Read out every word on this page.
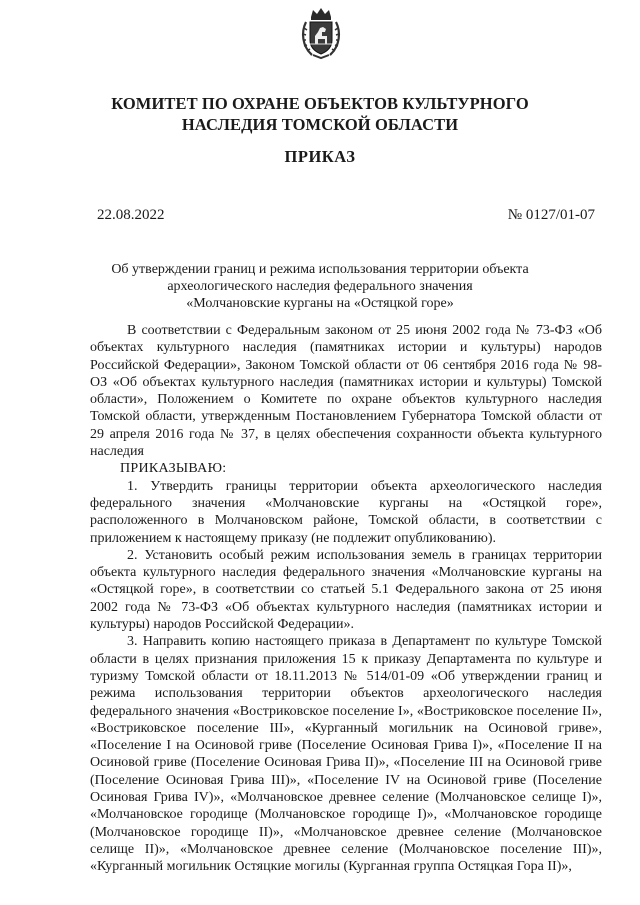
КОМИТЕТ ПО ОХРАНЕ ОБЪЕКТОВ КУЛЬТУРНОГО
НАСЛЕДИЯ ТОМСКОЙ ОБЛАСТИ
ПРИКАЗ
22.08.2022	№ 0127/01-07
Об утверждении границ и режима использования территории объекта
археологического наследия федерального значения
«Молчановские курганы на «Остяцкой горе»

В соответствии с Федеральным законом от 25 июня 2002 года № 73-ФЗ «Об объектах культурного наследия (памятниках истории и культуры) народов Российской Федерации», Законом Томской области от 06 сентября 2016 года № 98-ОЗ «Об объектах культурного наследия (памятниках истории и культуры) Томской области», Положением о Комитете по охране объектов культурного наследия Томской области, утвержденным Постановлением Губернатора Томской области от 29 апреля 2016 года № 37, в целях обеспечения сохранности объекта культурного наследия

ПРИКАЗЫВАЮ:

1. Утвердить границы территории объекта археологического наследия федерального значения «Молчановские курганы на «Остяцкой горе», расположенного в Молчановском районе, Томской области, в соответствии с приложением к настоящему приказу (не подлежит опубликованию).

2. Установить особый режим использования земель в границах территории объекта культурного наследия федерального значения «Молчановские курганы на «Остяцкой горе», в соответствии со статьей 5.1 Федерального закона от 25 июня 2002 года № 73-ФЗ «Об объектах культурного наследия (памятниках истории и культуры) народов Российской Федерации».

3. Направить копию настоящего приказа в Департамент по культуре Томской области в целях признания приложения 15 к приказу Департамента по культуре и туризму Томской области от 18.11.2013 № 514/01-09 «Об утверждении границ и режима использования территории объектов археологического наследия федерального значения «Востриковское поселение I», «Востриковское поселение II», «Востриковское поселение III», «Курганный могильник на Осиновой гриве», «Поселение I на Осиновой гриве (Поселение Осиновая Грива I)», «Поселение II на Осиновой гриве (Поселение Осиновая Грива II)», «Поселение III на Осиновой гриве (Поселение Осиновая Грива III)», «Поселение IV на Осиновой гриве (Поселение Осиновая Грива IV)», «Молчановское древнее селение (Молчановское селище I)», «Молчановское городище (Молчановское городище I)», «Молчановское городище (Молчановское городище II)», «Молчановское древнее селение (Молчановское селище II)», «Молчановское древнее селение (Молчановское поселение III)», «Курганный могильник Остяцкие могилы (Курганная группа Остяцкая Гора II)»,
